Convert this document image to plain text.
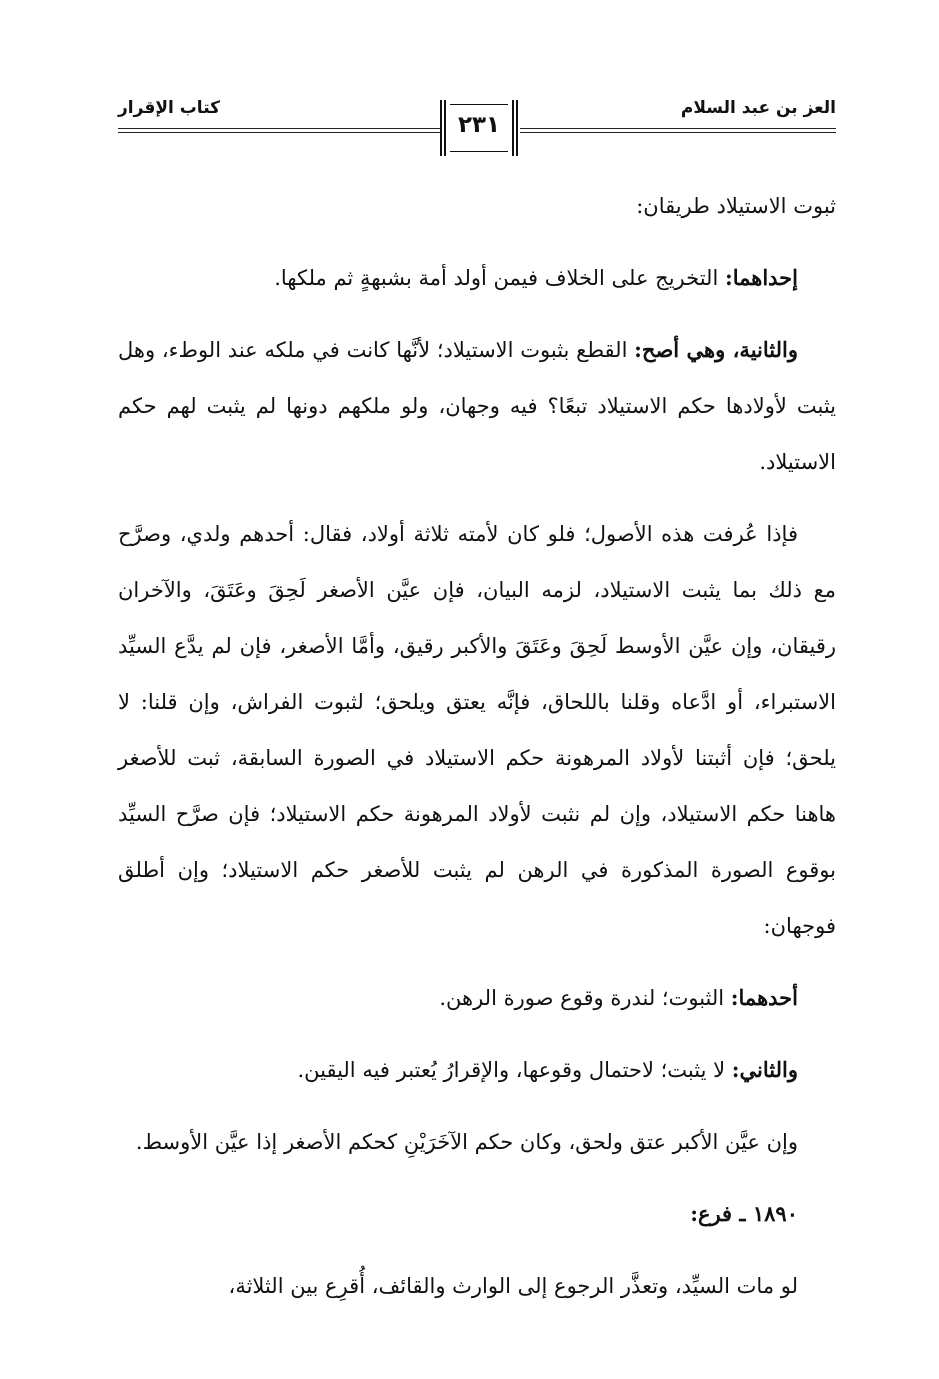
كتاب الإقرار	العز بن عبد السلام
٢٣١

ثبوت الاستيلاد طريقان:

إحداهما: التخريج على الخلاف فيمن أولد أمة بشبهةٍ ثم ملكها.

والثانية، وهي أصح: القطع بثبوت الاستيلاد؛ لأنَّها كانت في ملكه عند الوطء، وهل يثبت لأولادها حكم الاستيلاد تبعًا؟ فيه وجهان، ولو ملكهم دونها لم يثبت لهم حكم الاستيلاد.

فإذا عُرفت هذه الأصول؛ فلو كان لأمته ثلاثة أولاد، فقال: أحدهم ولدي، وصرَّح مع ذلك بما يثبت الاستيلاد، لزمه البيان، فإن عيَّن الأصغر لَحِقَ وعَتَقَ، والآخران رقيقان، وإن عيَّن الأوسط لَحِقَ وعَتَقَ والأكبر رقيق، وأمَّا الأصغر، فإن لم يدَّع السيِّد الاستبراء، أو ادَّعاه وقلنا باللحاق، فإنَّه يعتق ويلحق؛ لثبوت الفراش، وإن قلنا: لا يلحق؛ فإن أثبتنا لأولاد المرهونة حكم الاستيلاد في الصورة السابقة، ثبت للأصغر هاهنا حكم الاستيلاد، وإن لم نثبت لأولاد المرهونة حكم الاستيلاد؛ فإن صرَّح السيِّد بوقوع الصورة المذكورة في الرهن لم يثبت للأصغر حكم الاستيلاد؛ وإن أطلق فوجهان:

أحدهما: الثبوت؛ لندرة وقوع صورة الرهن.

والثاني: لا يثبت؛ لاحتمال وقوعها، والإقرارُ يُعتبر فيه اليقين.

وإن عيَّن الأكبر عتق ولحق، وكان حكم الآخَرَيْنِ كحكم الأصغر إذا عيَّن الأوسط.

١٨٩٠ ـ فرع:

لو مات السيِّد، وتعذَّر الرجوع إلى الوارث والقائف، أُقرِع بين الثلاثة،
